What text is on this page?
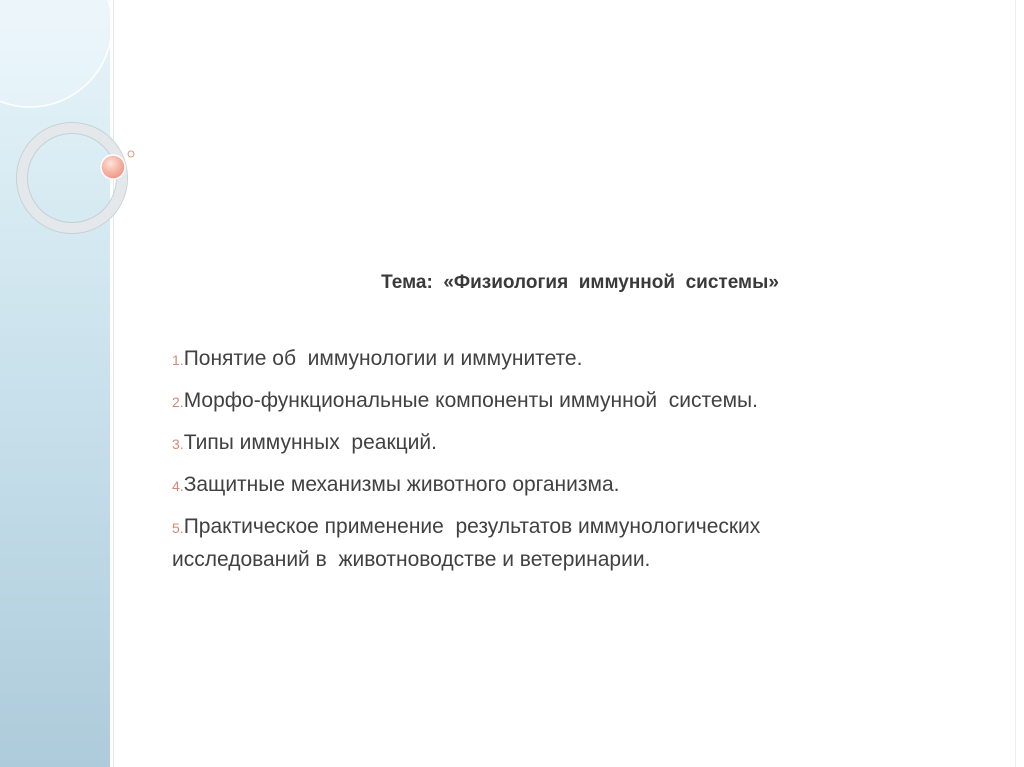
Тема:  «Физиология  иммунной  системы»
1.Понятие об  иммунологии и иммунитете.
2.Морфо-функциональные компоненты иммунной  системы.
3.Типы иммунных  реакций.
4.Защитные механизмы животного организма.
5.Практическое применение  результатов иммунологических исследований в  животноводстве и ветеринарии.
